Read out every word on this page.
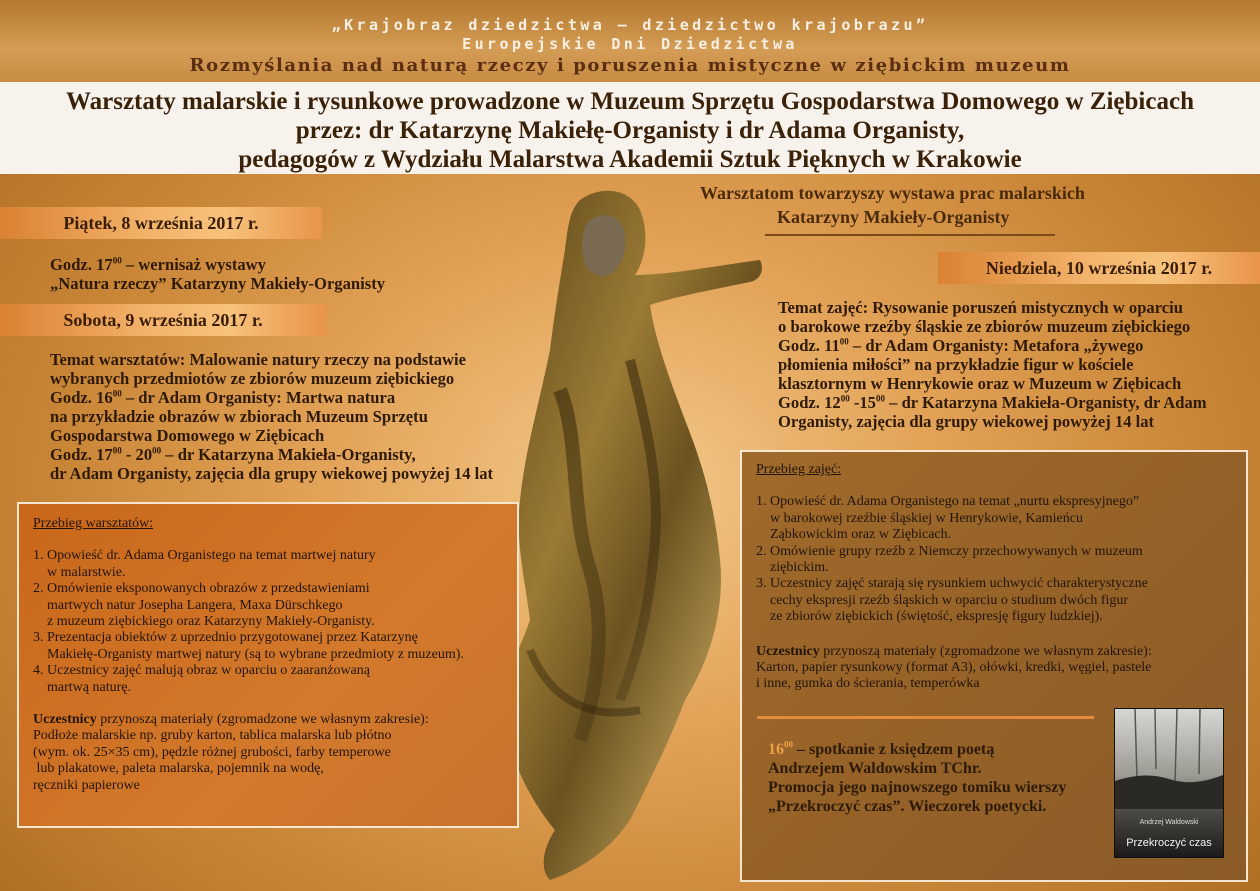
„Krajobraz dziedzictwa – dziedzictwo krajobrazu”
Europejskie Dni Dziedzictwa
Rozmyślania nad naturą rzeczy i poruszenia mistyczne w ziębickim muzeum
Warsztaty malarskie i rysunkowe prowadzone w Muzeum Sprzętu Gospodarstwa Domowego w Ziębicach
przez: dr Katarzynę Makiełę-Organisty i dr Adama Organisty,
pedagogów z Wydziału Malarstwa Akademii Sztuk Pięknych w Krakowie
Warsztatom towarzyszy wystawa prac malarskich
Katarzyny Makieły-Organisty
Piątek, 8 września 2017 r.
Godz. $17^{00}$ – wernisaż wystawy
„Natura rzeczy” Katarzyny Makieły-Organisty
Sobota, 9 września 2017 r.
Temat warsztatów: Malowanie natury rzeczy na podstawie
wybranych przedmiotów ze zbiorów muzeum ziębickiego
Godz. $16^{00}$ – dr Adam Organisty: Martwa natura
na przykładzie obrazów w zbiorach Muzeum Sprzętu
Gospodarstwa Domowego w Ziębicach
Godz. $17^{00} - 20^{00}$ – dr Katarzyna Makieła-Organisty,
dr Adam Organisty, zajęcia dla grupy wiekowej powyżej 14 lat
Przebieg warsztatów:
1. Opowieść dr. Adama Organistego na temat martwej natury
w malarstwie.
2. Omówienie eksponowanych obrazów z przedstawieniami
martwych natur Josepha Langera, Maxa Dürschkego
z muzeum ziębickiego oraz Katarzyny Makieły-Organisty.
3. Prezentacja obiektów z uprzednio przygotowanej przez Katarzynę
Makiełę-Organisty martwej natury (są to wybrane przedmioty z muzeum).
4. Uczestnicy zajęć malują obraz w oparciu o zaaranżowaną
martwą naturę.
Uczestnicy przynoszą materiały (zgromadzone we własnym zakresie):
Podłoże malarskie np. gruby karton, tablica malarska lub płótno
(wym. ok. 25×35 cm), pędzle różnej grubości, farby temperowe
lub plakatowe, paleta malarska, pojemnik na wodę,
ręczniki papierowe
Niedziela, 10 września 2017 r.
Temat zajęć: Rysowanie poruszeń mistycznych w oparciu
o barokowe rzeźby śląskie ze zbiorów muzeum ziębickiego
Godz. $11^{00}$ – dr Adam Organisty: Metafora „żywego
płomienia miłości” na przykładzie figur w kościele
klasztornym w Henrykowie oraz w Muzeum w Ziębicach
Godz. $12^{00}$ $-15^{00}$ – dr Katarzyna Makieła-Organisty, dr Adam
Organisty, zajęcia dla grupy wiekowej powyżej 14 lat
Przebieg zajęć:
1. Opowieść dr. Adama Organistego na temat „nurtu ekspresyjnego”
w barokowej rzeźbie śląskiej w Henrykowie, Kamieńcu
Ząbkowickim oraz w Ziębicach.
2. Omówienie grupy rzeźb z Niemczy przechowywanych w muzeum
ziębickim.
3. Uczestnicy zajęć starają się rysunkiem uchwycić charakterystyczne
cechy ekspresji rzeźb śląskich w oparciu o studium dwóch figur
ze zbiorów ziębickich (świętość, ekspresję figury ludzkiej).
Uczestnicy przynoszą materiały (zgromadzone we własnym zakresie):
Karton, papier rysunkowy (format A3), ołówki, kredki, węgiel, pastele
i inne, gumka do ścierania, temperówka
$16^{00}$ – spotkanie z księdzem poetą
Andrzejem Waldowskim TChr.
Promocja jego najnowszego tomiku wierszy
„Przekroczyć czas”. Wieczorek poetycki.
Andrzej Waldowski
Przekroczyć czas
